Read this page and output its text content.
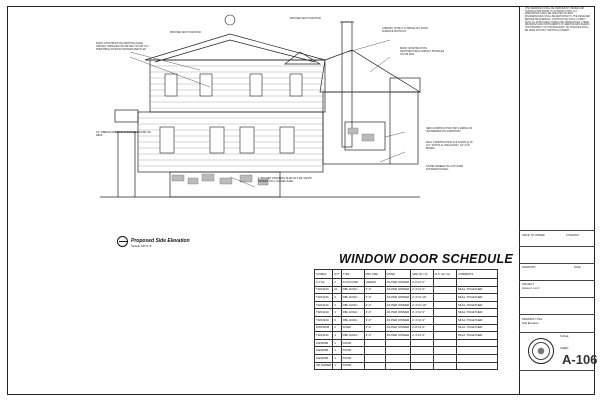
ROOF CONSTRUCTION ARCHITECTURAL ASPHALT SHINGLES ON 15# FELT ON 5/8" PLY SHEATHING ON ROOF RAFTERS PER PLAN
1/2" FIBERGLASS ROOF SHINGLES RAILING ON DECK
PROVIDE VENT FOR ROOF
PROVIDE VENT FOR ROOF
CHIMNEY TO BE 2'-0" ABOVE ANY ROOF SURFACE WITHIN 10'
ROOF CONSTRUCTION ARCHITECTURAL ASPHALT SHINGLES ON 15# FELT
NEW CONSTRUCTION VINYL SIDING ON HOUSEWRAP ON SHEATHING
WALL CONSTRUCTION 2X6 STUDS @ 16" O.C. WITH R-21 INSULATION, 1/2" GYP BOARD
STONE VENEER ON LATH OVER FOUNDATION WALL
4" POURED CONCRETE SLAB ON 6 MIL VAPOR BARRIER ON 4" GRAVEL BASE
Proposed Side Elevation
SCALE: 1/8"=1'-0"
WINDOW DOOR SCHEDULE
SYMBOL	QTY	TYPE	MFG SIZE	FINISH	SIZE (W x H)	R.O. (W x H)	COMMENTS
C-TC2	2	1/2 ROUND	VARIES	AS PER OWNER	4'-0"x2'-0"		
TW24310	21	DBL HUNG	3'-0"	AS PER OWNER	2'-4"x4'-3"		MULL TOGETHER
TW24210	4	DBL HUNG	3'-0"	AS PER OWNER	2'-4"x3'-10"		MULL TOGETHER
TW24410	4	DBL HUNG	3'-0"	AS PER OWNER	2'-4"x4'-10"		MULL TOGETHER
TW24310	4	DBL HUNG	3'-0"	AS PER OWNER	2'-4"x4'-3"		MULL TOGETHER
TW24310	6	DBL HUNG	3'-0"	AS PER OWNER	2'-4"x4'-3"		MULL TOGETHER
DWP2846	2	FIXED	3'-0"	AS PER OWNER	2'-8"x4'-6"		MULL TOGETHER
TW24310	4	DBL HUNG	3'-0"	AS PER OWNER	2'-4"x4'-3"		MULL TOGETHER
FAD6068	1	DOOR					
FAD6068	1	DOOR					
FAD6068	1	DOOR					
SR SLIDER	1	DOOR					
THE DRAWINGS SHALL BE VERIFIED BY OWNER AND CONTRACTOR PRIOR TO CONSTRUCTION. ALL DIMENSIONS SHALL BE CHECKED IN FIELD. DISCREPANCIES SHALL BE REPORTED TO THE DESIGNER BEFORE PROCEEDING. CONTRACTOR SHALL COMPLY WITH ALL APPLICABLE CODES AND ORDINANCES. THESE DRAWINGS ARE INSTRUMENTS OF SERVICE AND REMAIN THE PROPERTY OF THE DESIGNER. NO CHANGES SHALL BE MADE WITHOUT WRITTEN CONSENT.
ISSUE TO OWNER	07/30/2015
DRAWN BY	DATE
PROJECT
House A, Lot 4
DRAWING TITLE
Side Elevation
SCALE
SHEET
A-106
